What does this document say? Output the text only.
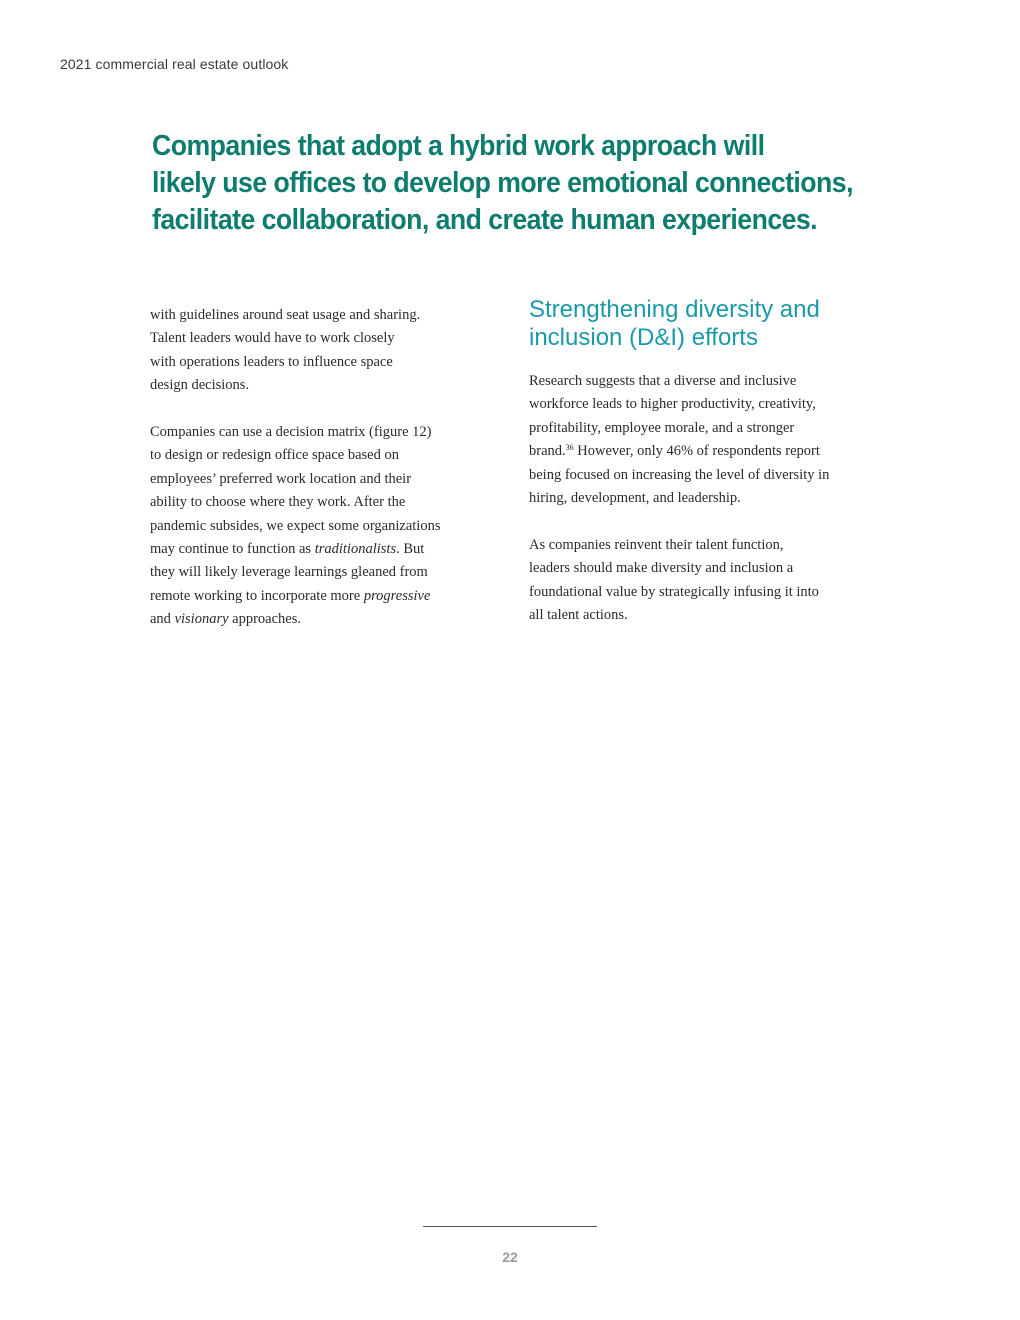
2021 commercial real estate outlook
Companies that adopt a hybrid work approach will
likely use offices to develop more emotional connections,
facilitate collaboration, and create human experiences.

with guidelines around seat usage and sharing.
Talent leaders would have to work closely
with operations leaders to influence space
design decisions.

Companies can use a decision matrix (figure 12)
to design or redesign office space based on
employees’ preferred work location and their
ability to choose where they work. After the
pandemic subsides, we expect some organizations
may continue to function as traditionalists. But
they will likely leverage learnings gleaned from
remote working to incorporate more progressive
and visionary approaches.

Strengthening diversity and
inclusion (D&I) efforts

Research suggests that a diverse and inclusive
workforce leads to higher productivity, creativity,
profitability, employee morale, and a stronger
brand.$^{36}$ However, only 46% of respondents report
being focused on increasing the level of diversity in
hiring, development, and leadership.

As companies reinvent their talent function,
leaders should make diversity and inclusion a
foundational value by strategically infusing it into
all talent actions.

22
